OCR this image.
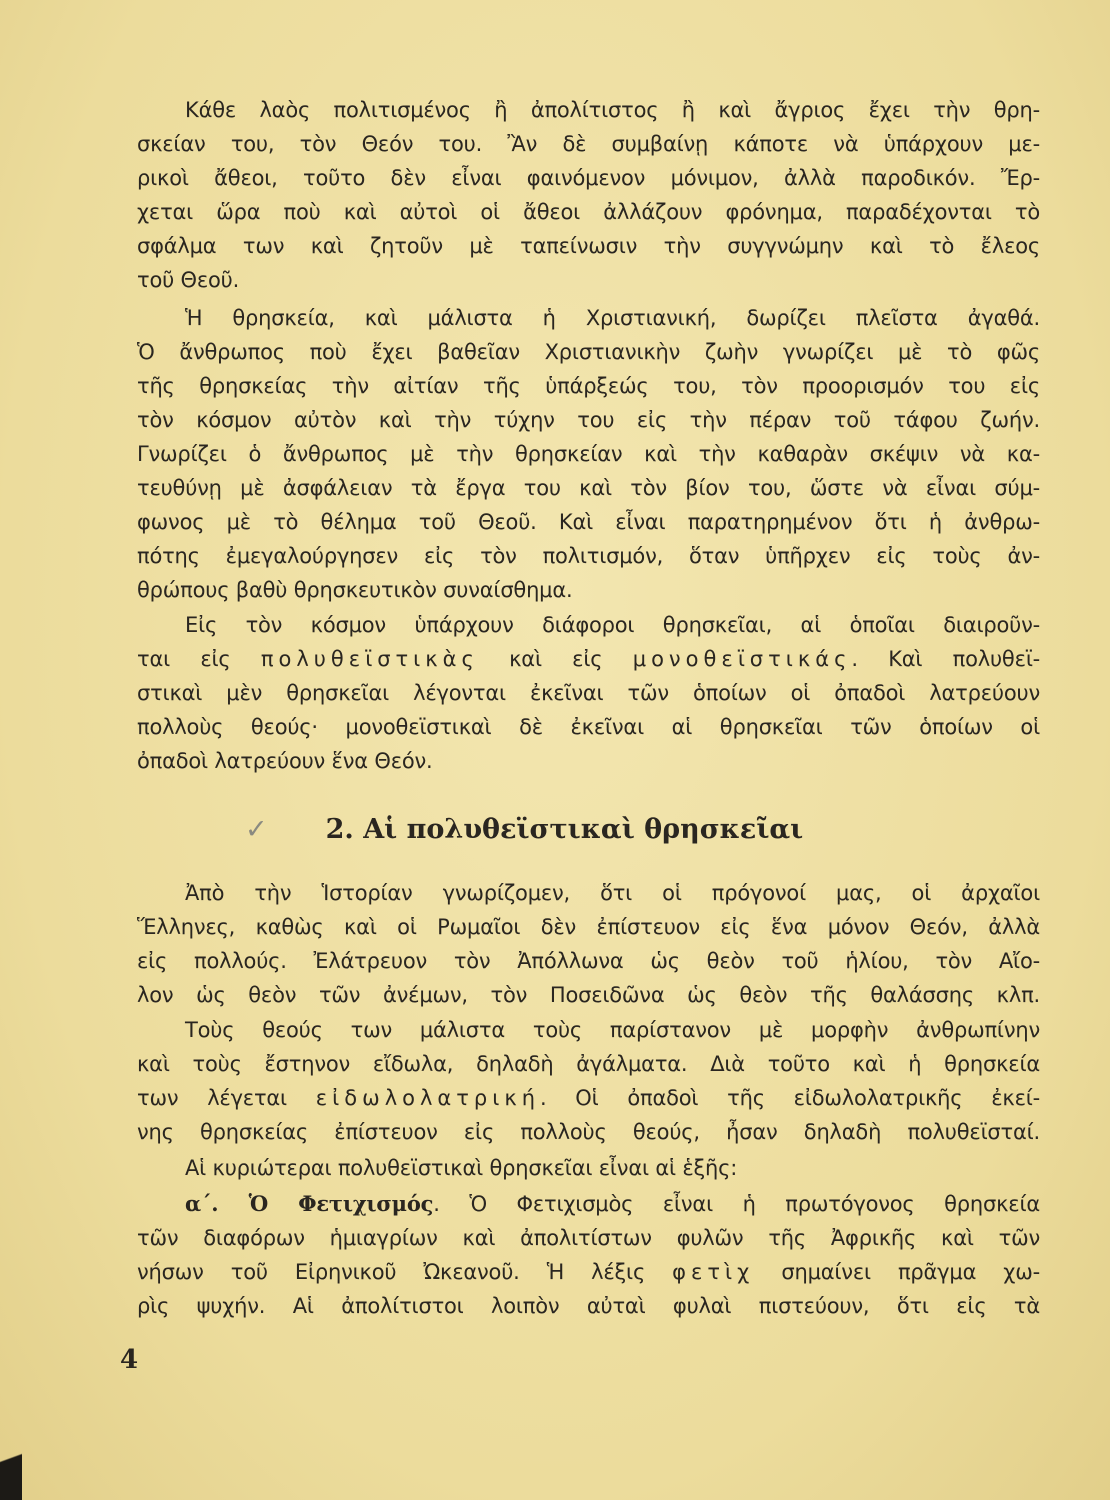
Κάθε λαὸς πολιτισμένος ἢ ἀπολίτιστος ἢ καὶ ἄγριος ἔχει τὴν θρη-
σκείαν του, τὸν Θεόν του. Ἂν δὲ συμβαίνῃ κάποτε νὰ ὑπάρχουν με-
ρικοὶ ἄθεοι, τοῦτο δὲν εἶναι φαινόμενον μόνιμον, ἀλλὰ παροδικόν. Ἔρ-
χεται ὥρα ποὺ καὶ αὐτοὶ οἱ ἄθεοι ἀλλάζουν φρόνημα, παραδέχονται τὸ
σφάλμα των καὶ ζητοῦν μὲ ταπείνωσιν τὴν συγγνώμην καὶ τὸ ἔλεος
τοῦ Θεοῦ.
Ἡ θρησκεία, καὶ μάλιστα ἡ Χριστιανική, δωρίζει πλεῖστα ἀγαθά.
Ὁ ἄνθρωπος ποὺ ἔχει βαθεῖαν Χριστιανικὴν ζωὴν γνωρίζει μὲ τὸ φῶς
τῆς θρησκείας τὴν αἰτίαν τῆς ὑπάρξεώς του, τὸν προορισμόν του εἰς
τὸν κόσμον αὐτὸν καὶ τὴν τύχην του εἰς τὴν πέραν τοῦ τάφου ζωήν.
Γνωρίζει ὁ ἄνθρωπος μὲ τὴν θρησκείαν καὶ τὴν καθαρὰν σκέψιν νὰ κα-
τευθύνῃ μὲ ἀσφάλειαν τὰ ἔργα του καὶ τὸν βίον του, ὥστε νὰ εἶναι σύμ-
φωνος μὲ τὸ θέλημα τοῦ Θεοῦ. Καὶ εἶναι παρατηρημένον ὅτι ἡ ἀνθρω-
πότης ἐμεγαλούργησεν εἰς τὸν πολιτισμόν, ὅταν ὑπῆρχεν εἰς τοὺς ἀν-
θρώπους βαθὺ θρησκευτικὸν συναίσθημα.
Εἰς τὸν κόσμον ὑπάρχουν διάφοροι θρησκεῖαι, αἱ ὁποῖαι διαιροῦν-
ται εἰς πολυθεϊστικὰς καὶ εἰς μονοθεϊστικάς. Καὶ πολυθεϊ-
στικαὶ μὲν θρησκεῖαι λέγονται ἐκεῖναι τῶν ὁποίων οἱ ὀπαδοὶ λατρεύουν
πολλοὺς θεούς· μονοθεϊστικαὶ δὲ ἐκεῖναι αἱ θρησκεῖαι τῶν ὁποίων οἱ
ὀπαδοὶ λατρεύουν ἕνα Θεόν.
✓ 2. Αἱ πολυθεϊστικαὶ θρησκεῖαι
Ἀπὸ τὴν Ἱστορίαν γνωρίζομεν, ὅτι οἱ πρόγονοί μας, οἱ ἀρχαῖοι
Ἕλληνες, καθὼς καὶ οἱ Ρωμαῖοι δὲν ἐπίστευον εἰς ἕνα μόνον Θεόν, ἀλλὰ
εἰς πολλούς. Ἐλάτρευον τὸν Ἀπόλλωνα ὡς θεὸν τοῦ ἡλίου, τὸν Αἴο-
λον ὡς θεὸν τῶν ἀνέμων, τὸν Ποσειδῶνα ὡς θεὸν τῆς θαλάσσης κλπ.
Τοὺς θεούς των μάλιστα τοὺς παρίστανον μὲ μορφὴν ἀνθρωπίνην
καὶ τοὺς ἔστηνον εἴδωλα, δηλαδὴ ἀγάλματα. Διὰ τοῦτο καὶ ἡ θρησκεία
των λέγεται εἰδωλολατρική. Οἱ ὀπαδοὶ τῆς εἰδωλολατρικῆς ἐκεί-
νης θρησκείας ἐπίστευον εἰς πολλοὺς θεούς, ἦσαν δηλαδὴ πολυθεϊσταί.
Αἱ κυριώτεραι πολυθεϊστικαὶ θρησκεῖαι εἶναι αἱ ἑξῆς:
α΄. Ὁ Φετιχισμός. Ὁ Φετιχισμὸς εἶναι ἡ πρωτόγονος θρησκεία
τῶν διαφόρων ἡμιαγρίων καὶ ἀπολιτίστων φυλῶν τῆς Ἀφρικῆς καὶ τῶν
νήσων τοῦ Εἰρηνικοῦ Ὠκεανοῦ. Ἡ λέξις φετὶχ σημαίνει πρᾶγμα χω-
ρὶς ψυχήν. Αἱ ἀπολίτιστοι λοιπὸν αὐταὶ φυλαὶ πιστεύουν, ὅτι εἰς τὰ
4
